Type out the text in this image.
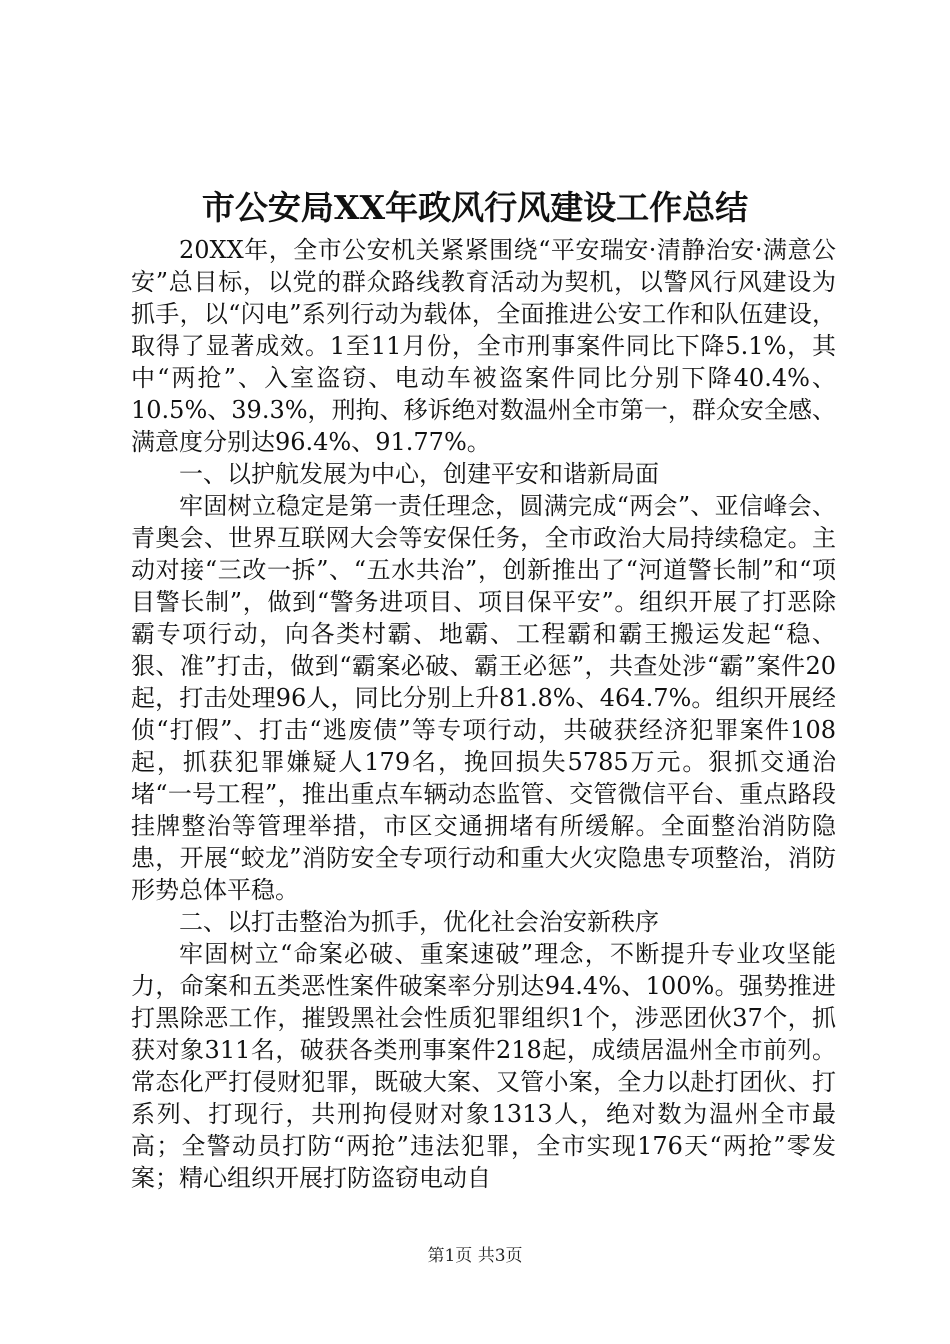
市公安局XX年政风行风建设工作总结

20XX年，全市公安机关紧紧围绕“平安瑞安·清静治安·满意公安”总目标，以党的群众路线教育活动为契机，以警风行风建设为抓手，以“闪电”系列行动为载体，全面推进公安工作和队伍建设，取得了显著成效。1至11月份，全市刑事案件同比下降5.1%，其中“两抢”、入室盗窃、电动车被盗案件同比分别下降40.4%、10.5%、39.3%，刑拘、移诉绝对数温州全市第一，群众安全感、满意度分别达96.4%、91.77%。

一、以护航发展为中心，创建平安和谐新局面

牢固树立稳定是第一责任理念，圆满完成“两会”、亚信峰会、青奥会、世界互联网大会等安保任务，全市政治大局持续稳定。主动对接“三改一拆”、“五水共治”，创新推出了“河道警长制”和“项目警长制”，做到“警务进项目、项目保平安”。组织开展了打恶除霸专项行动，向各类村霸、地霸、工程霸和霸王搬运发起“稳、狠、准”打击，做到“霸案必破、霸王必惩”，共查处涉“霸”案件20起，打击处理96人，同比分别上升81.8%、464.7%。组织开展经侦“打假”、打击“逃废债”等专项行动，共破获经济犯罪案件108起，抓获犯罪嫌疑人179名，挽回损失5785万元。狠抓交通治堵“一号工程”，推出重点车辆动态监管、交管微信平台、重点路段挂牌整治等管理举措，市区交通拥堵有所缓解。全面整治消防隐患，开展“蛟龙”消防安全专项行动和重大火灾隐患专项整治，消防形势总体平稳。

二、以打击整治为抓手，优化社会治安新秩序

牢固树立“命案必破、重案速破”理念，不断提升专业攻坚能力，命案和五类恶性案件破案率分别达94.4%、100%。强势推进打黑除恶工作，摧毁黑社会性质犯罪组织1个，涉恶团伙37个，抓获对象311名，破获各类刑事案件218起，成绩居温州全市前列。常态化严打侵财犯罪，既破大案、又管小案，全力以赴打团伙、打系列、打现行，共刑拘侵财对象1313人，绝对数为温州全市最高；全警动员打防“两抢”违法犯罪，全市实现176天“两抢”零发案；精心组织开展打防盗窃电动自

第1页 共3页
